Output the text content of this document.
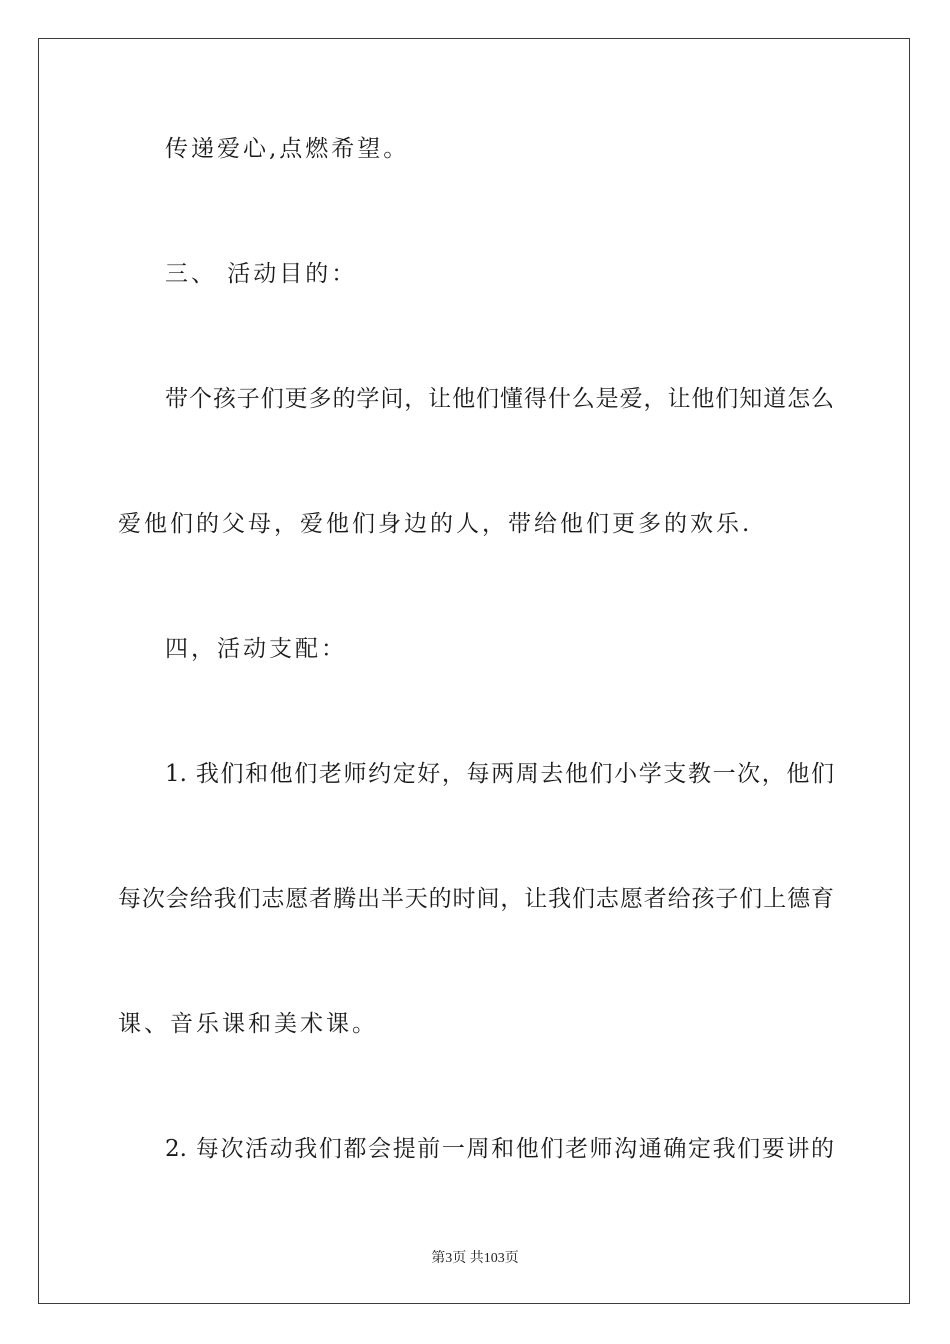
传递爱心,点燃希望。
三、 活动目的：
带个孩子们更多的学问，让他们懂得什么是爱，让他们知道怎么
爱他们的父母，爱他们身边的人，带给他们更多的欢乐.
四，活动支配：
1. 我们和他们老师约定好，每两周去他们小学支教一次，他们
每次会给我们志愿者腾出半天的时间，让我们志愿者给孩子们上德育
课、音乐课和美术课。
2. 每次活动我们都会提前一周和他们老师沟通确定我们要讲的
第3页 共103页
